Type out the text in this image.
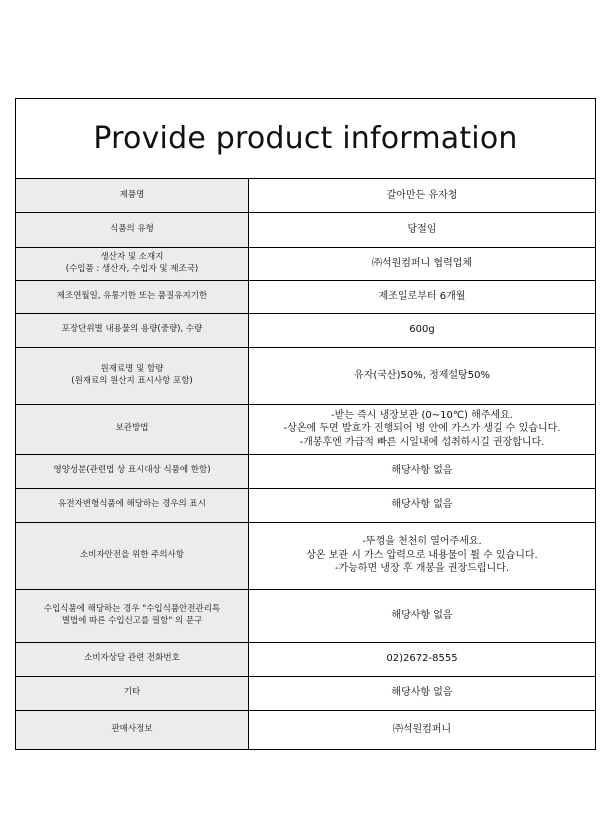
Provide product information
제품명	갈아만든 유자청

식품의 유형	당절임

생산자 및 소재지
(수입품 : 생산자, 수입자 및 제조국)	㈜석원컴퍼니 협력업체

제조연월일, 유통기한 또는 품질유지기한	제조일로부터 6개월

포장단위별 내용물의 용량(중량), 수량	600g

원재료명 및 함량
(원재료의 원산지 표시사항 포함)	유자(국산)50%, 정제설탕50%

보관방법	-받는 즉시 냉장보관 (0~10℃) 해주세요.
-상온에 두면 발효가 진행되어 병 안에 가스가 생길 수 있습니다.
-개봉후엔 가급적 빠른 시일내에 섭취하시길 권장합니다.

영양성분(관련법 상 표시대상 식품에 한함)	해당사항 없음

유전자변형식품에 해당하는 경우의 표시	해당사항 없음

소비자안전을 위한 주의사항	-뚜껑을 천천히 열어주세요.
상온 보관 시 가스 압력으로 내용물이 튈 수 있습니다.
-가능하면 냉장 후 개봉을 권장드립니다.

수입식품에 해당하는 경우 "수입식품안전관리특
별법에 따른 수입신고를 필함" 의 문구	해당사항 없음

소비자상담 관련 전화번호	02)2672-8555

기타	해당사항 없음

판매사정보	㈜석원컴퍼니
